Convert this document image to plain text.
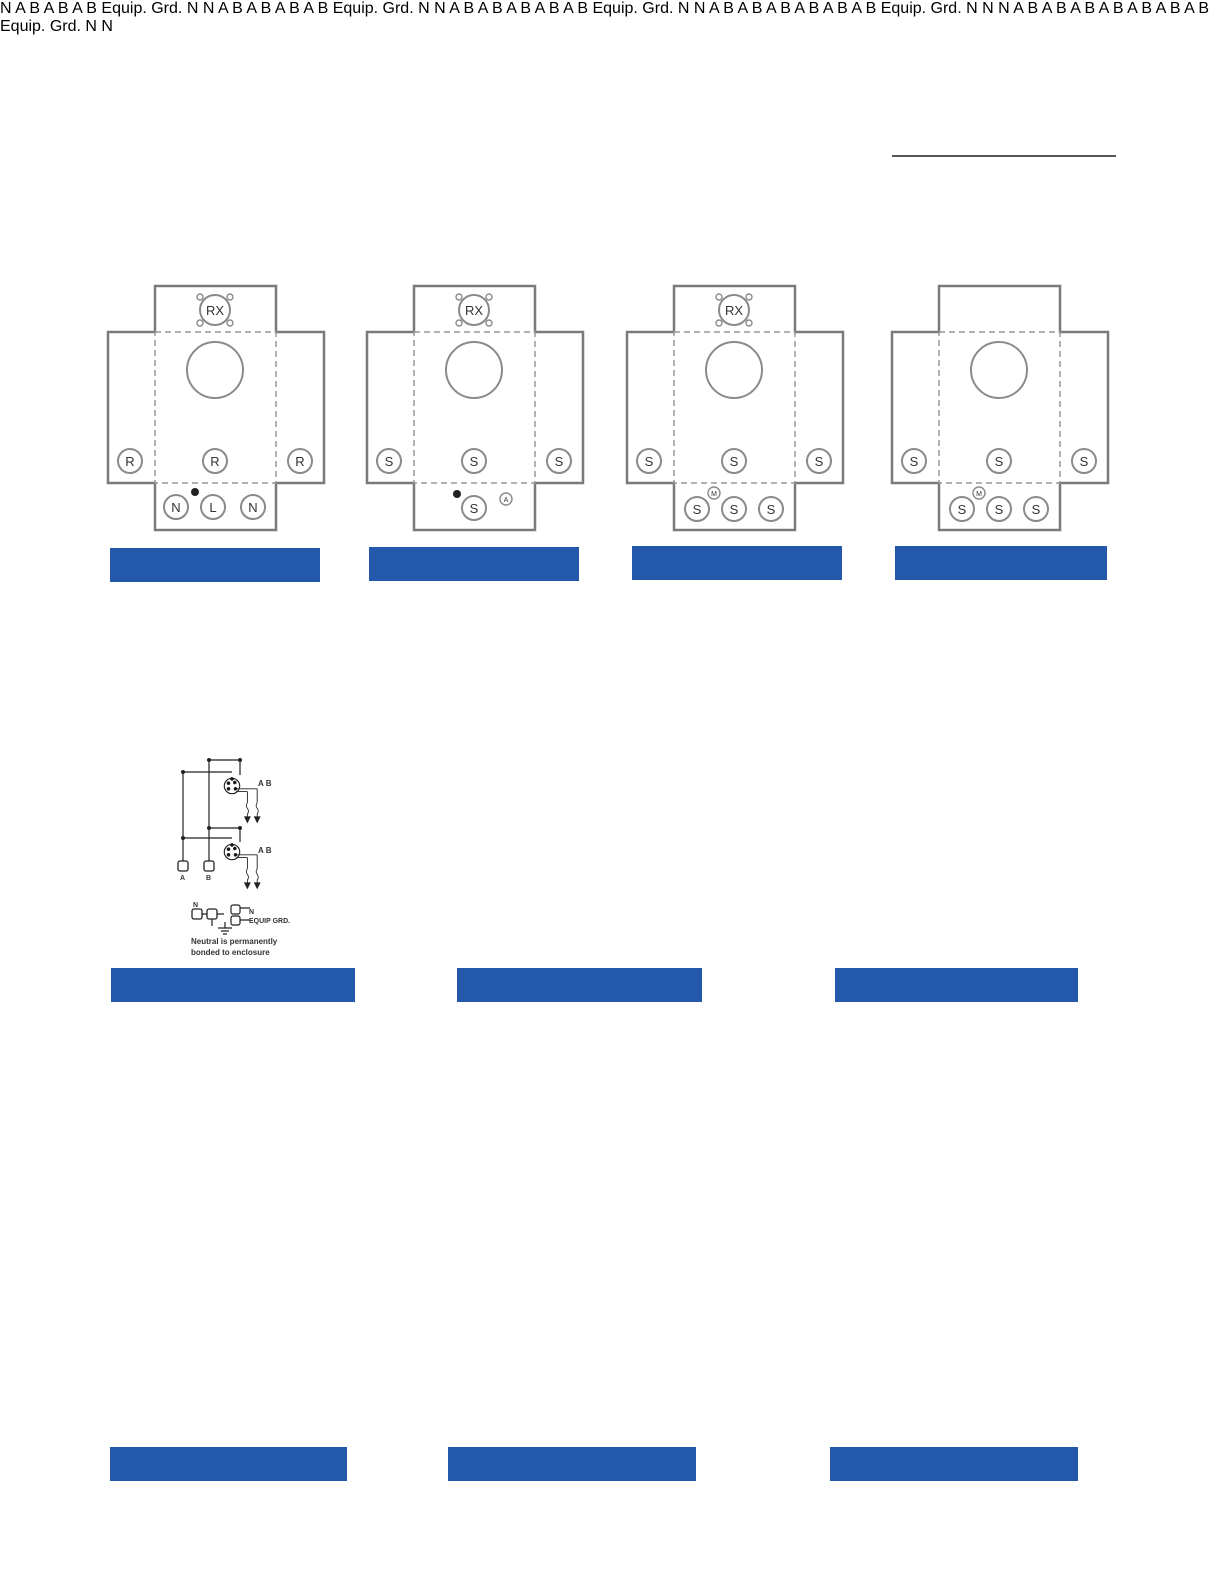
RX
R	R	R
N L N
RX
S	S	S
S
A
RX
S	S	S
S S S
M
S	S	S
S S S
M
A B
A B
A	B
N
N
EQUIP GRD.
Neutral is permanently
bonded to enclosure
N A B A B A B Equip. Grd. N N A B A B A B A B Equip. Grd. N N A B A B A B A B A B Equip. Grd. N N A B A B A B A B A B A B Equip. Grd. N N N A B A B A B A B A B A B A B Equip. Grd. N N
